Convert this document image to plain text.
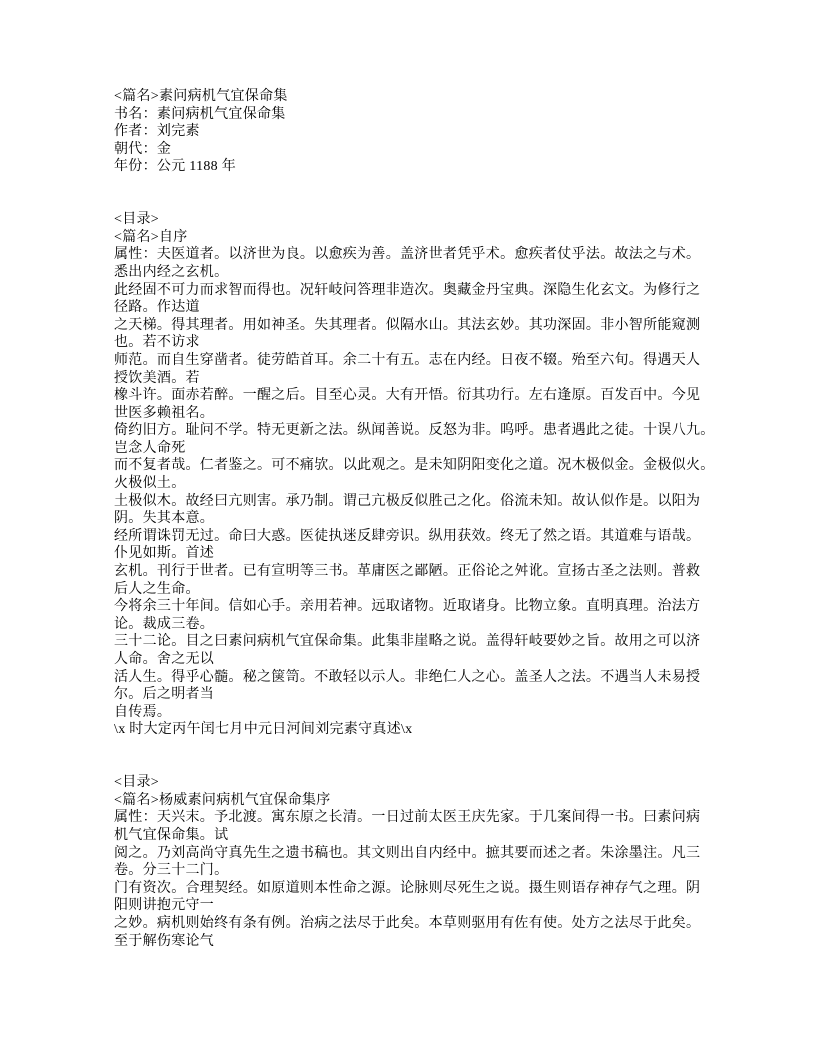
<篇名>素问病机气宜保命集
书名：素问病机气宜保命集
作者：刘完素
朝代：金
年份：公元 1188 年

<目录>
<篇名>自序
属性：夫医道者。以济世为良。以愈疾为善。盖济世者凭乎术。愈疾者仗乎法。故法之与术。
悉出内经之玄机。
此经固不可力而求智而得也。况轩岐问答理非造次。奥藏金丹宝典。深隐生化玄文。为修行之
径路。作达道
之天梯。得其理者。用如神圣。失其理者。似隔水山。其法玄妙。其功深固。非小智所能窥测
也。若不访求
师范。而自生穿凿者。徒劳皓首耳。余二十有五。志在内经。日夜不辍。殆至六旬。得遇天人
授饮美酒。若
橡斗许。面赤若醉。一醒之后。目至心灵。大有开悟。衍其功行。左右逢原。百发百中。今见
世医多赖祖名。
倚约旧方。耻问不学。特无更新之法。纵闻善说。反怒为非。呜呼。患者遇此之徒。十误八九。
岂念人命死
而不复者哉。仁者鉴之。可不痛欤。以此观之。是未知阴阳变化之道。况木极似金。金极似火。
火极似土。
土极似木。故经曰亢则害。承乃制。谓己亢极反似胜己之化。俗流未知。故认似作是。以阳为
阴。失其本意。
经所谓诛罚无过。命曰大惑。医徒执迷反肆旁识。纵用获效。终无了然之语。其道难与语哉。
仆见如斯。首述
玄机。刊行于世者。已有宣明等三书。革庸医之鄙陋。正俗论之舛讹。宣扬古圣之法则。普救
后人之生命。
今将余三十年间。信如心手。亲用若神。远取诸物。近取诸身。比物立象。直明真理。治法方
论。裁成三卷。
三十二论。目之曰素问病机气宜保命集。此集非崖略之说。盖得轩岐要妙之旨。故用之可以济
人命。舍之无以
活人生。得乎心髓。秘之箧笥。不敢轻以示人。非绝仁人之心。盖圣人之法。不遇当人未易授
尔。后之明者当
自传焉。
\x 时大定丙午闰七月中元日河间刘完素守真述\x

<目录>
<篇名>杨威素问病机气宜保命集序
属性：天兴末。予北渡。寓东原之长清。一日过前太医王庆先家。于几案间得一书。曰素问病
机气宜保命集。试
阅之。乃刘高尚守真先生之遗书稿也。其文则出自内经中。摭其要而述之者。朱涂墨注。凡三
卷。分三十二门。
门有资次。合理契经。如原道则本性命之源。论脉则尽死生之说。摄生则语存神存气之理。阴
阳则讲抱元守一
之妙。病机则始终有条有例。治病之法尽于此矣。本草则驱用有佐有使。处方之法尽于此矣。
至于解伤寒论气
